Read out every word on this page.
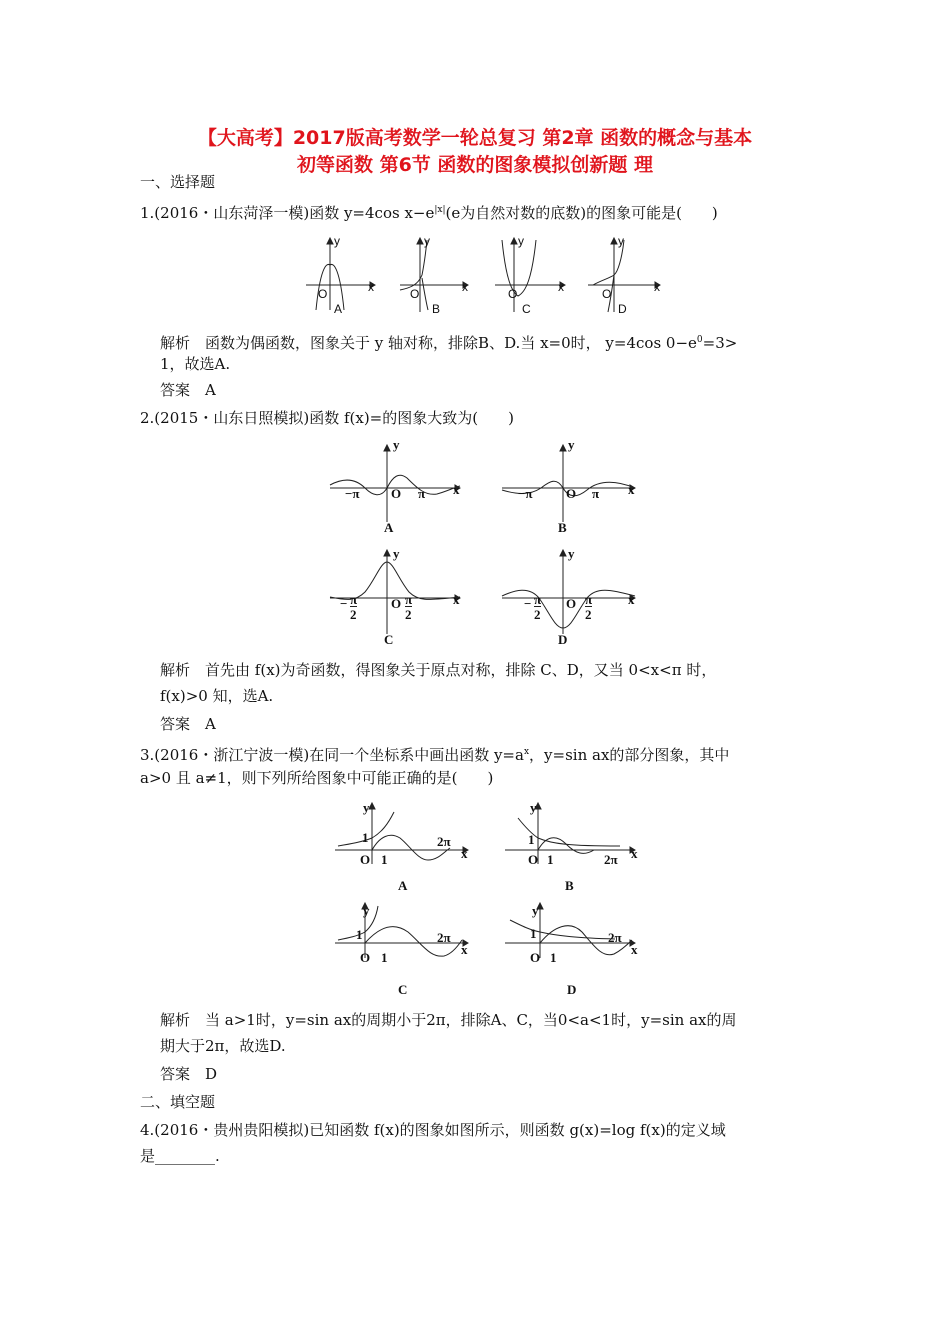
【大高考】2017版高考数学一轮总复习 第2章 函数的概念与基本
初等函数 第6节 函数的图象模拟创新题 理
一、选择题
1.(2016・山东菏泽一模)函数 y=4cos $x-e^{|x|}(e$为自然对数的底数)的图象可能是(　　)
y
O	x
A
y
O	x
B
y
O	x
C
y
O	x
D
解析　 函数为偶函数，图象关于 y 轴对称，排除B、D.当 x=0时， y=4cos $0-e^0=3>$
1，故选A.
答案　 A
2.(2015・山东日照模拟)函数 f(x)=的图象大致为(　　)
y
−π O π x
A
y
−π	O π x
B
y
− π
2
O π
2
x
C
y
− π
2
O π
2
x
D
解析　 首先由 f(x)为奇函数，得图象关于原点对称，排除 C、D，又当 0<x<π 时，
f(x)>0 知，选A.
答案　 A
3.(2016・浙江宁波一模)在同一个坐标系中画出函数 $y=a^x$，y=sin ax的部分图象，其中
a>0 且 a≠1，则下列所给图象中可能正确的是(　　)
y
1	2π
O 1	x
A
y
1
O 1	2π x
B
y
1	2π
O 1
x
C
y
1	2π
O 1
x
D
解析　 当 a>1时，y=sin ax的周期小于2π，排除A、C，当0<a<1时，y=sin ax的周
期大于2π，故选D.
答案　 D
二、填空题
4.(2016・贵州贵阳模拟)已知函数 f(x)的图象如图所示，则函数 g(x)=log f(x)的定义域
是________.
